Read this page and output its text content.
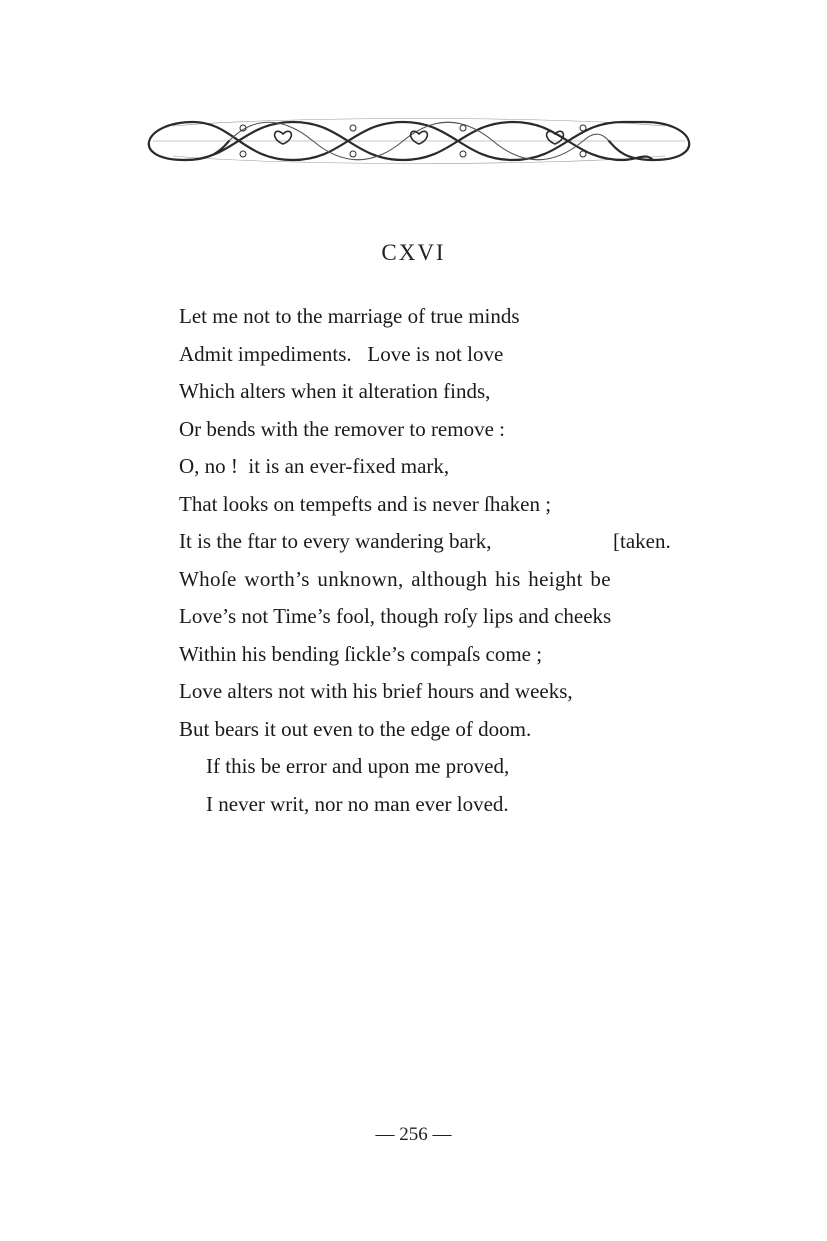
CXVI
Let me not to the marriage of true minds
Admit impediments.   Love is not love
Which alters when it alteration finds,
Or bends with the remover to remove :
O, no !  it is an ever-fixed mark,
That looks on tempefts and is never ſhaken ;
It is the ftar to every wandering bark,	[taken.
Whoſe worth’s unknown, although his height be
Love’s not Time’s fool, though roſy lips and cheeks
Within his bending ſickle’s compaſs come ;
Love alters not with his brief hours and weeks,
But bears it out even to the edge of doom.
If this be error and upon me proved,
I never writ, nor no man ever loved.
— 256 —
